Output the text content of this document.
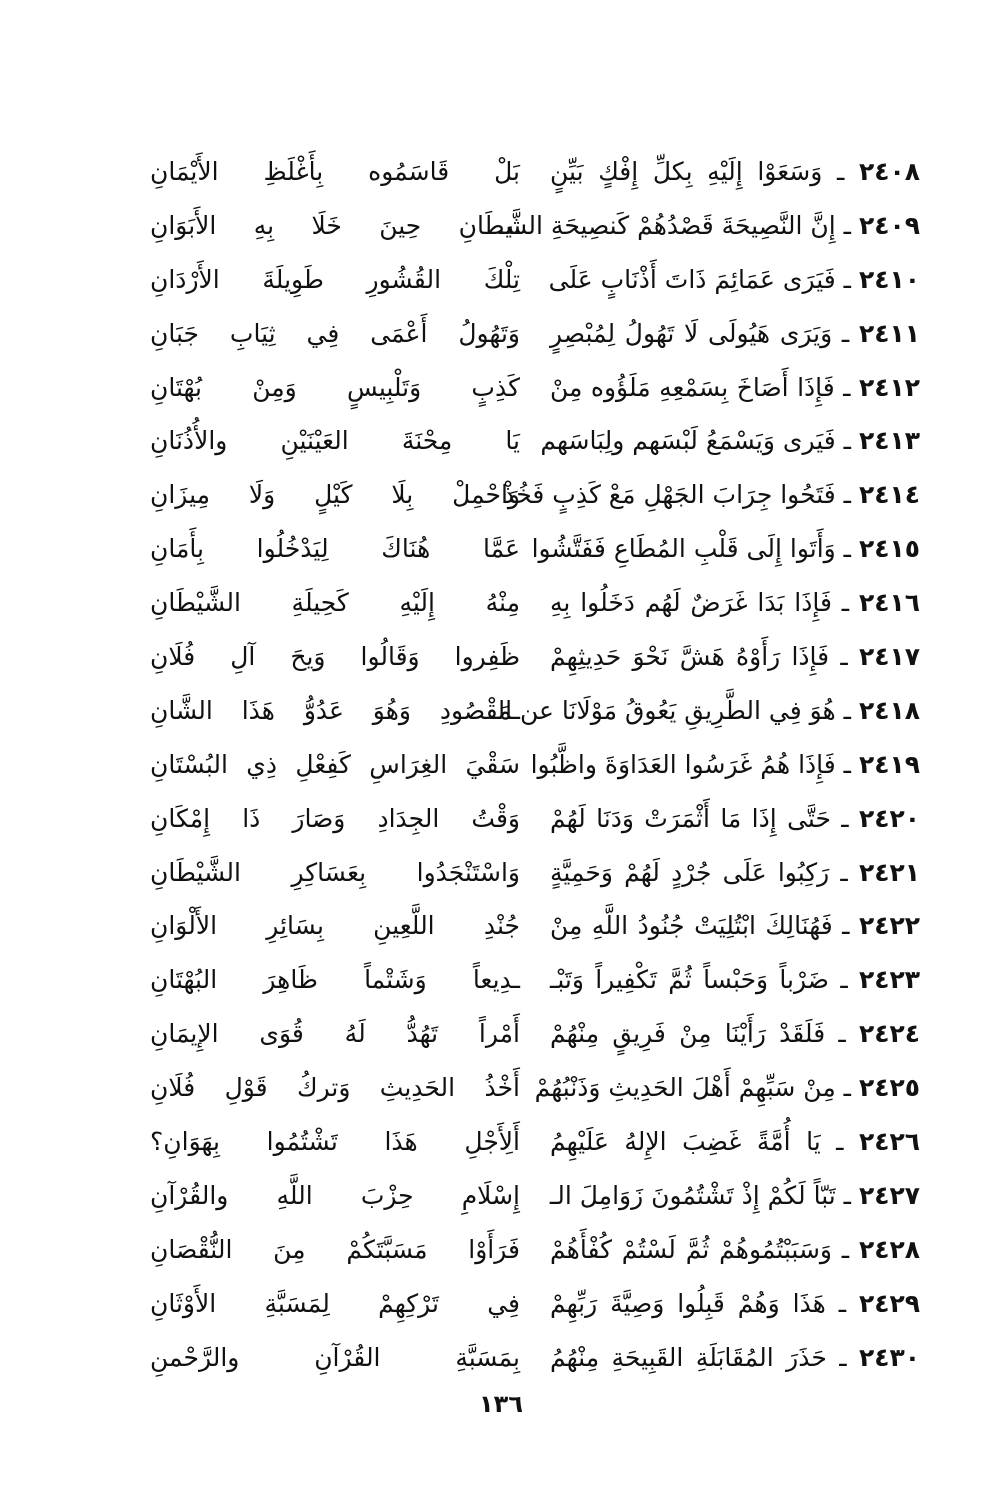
٢٤٠٨ ـ وَسَعَوْا إِلَيْهِ بِكلِّ إِفْكٍ بَيِّنٍ
بَلْ قَاسَمُوه بِأَغْلَظِ الأَيْمَانِ
٢٤٠٩ ـ إِنَّ النَّصِيحَةَ قَصْدُهُمْ كَنصِيحَةِ الشَّـ
ـيطَانِ حِينَ خَلَا بِهِ الأَبَوَانِ
٢٤١٠ ـ فَيَرَى عَمَائِمَ ذَاتَ أَذْنَابٍ عَلَى
تِلْكَ القُشُورِ طَوِيلَةَ الأَرْدَانِ
٢٤١١ ـ وَيَرَى هَيُولَى لَا تَهُولُ لِمُبْصِرٍ
وَتَهُولُ أَعْمَى فِي ثِيَابِ جَبَانِ
٢٤١٢ ـ فَإِذَا أَصَاخَ بِسَمْعِهِ مَلَؤُوه مِنْ
كَذِبٍ وَتَلْبِيسٍ وَمِنْ بُهْتَانِ
٢٤١٣ ـ فَيَرى وَيَسْمَعُ لَبْسَهم ولِبَاسَهم
يَا مِحْنَةَ العَيْنَيْنِ والأُذُنَانِ
٢٤١٤ ـ فَتَحُوا جِرَابَ الجَهْلِ مَعْ كَذِبٍ فَخُذْ
وَاحْمِلْ بِلَا كَيْلٍ وَلَا مِيزَانِ
٢٤١٥ ـ وَأَتَوا إِلَى قَلْبِ المُطَاعِ فَفَتَّشُوا
عَمَّا هُنَاكَ لِيَدْخُلُوا بِأَمَانِ
٢٤١٦ ـ فَإِذَا بَدَا غَرَضٌ لَهُم دَخَلُوا بِهِ
مِنْهُ إِلَيْهِ كَحِيلَةِ الشَّيْطَانِ
٢٤١٧ ـ فَإِذَا رَأَوْهُ هَشَّ نَحْوَ حَدِيثِهِمْ
ظَفِروا وَقَالُوا وَيحَ آلِ فُلَانِ
٢٤١٨ ـ هُوَ فِي الطَّرِيقِ يَعُوقُ مَوْلَانَا عن الـ
ـمَقْصُودِ وَهُوَ عَدُوُّ هَذَا الشَّانِ
٢٤١٩ ـ فَإِذَا هُمُ غَرَسُوا العَدَاوَةَ واظَّبُوا
سَقْيَ الغِرَاسِ كَفِعْلِ ذِي البُسْتَانِ
٢٤٢٠ ـ حَتَّى إِذَا مَا أَثْمَرَتْ وَدَنَا لَهُمْ
وَقْتُ الجِدَادِ وَصَارَ ذَا إِمْكَانِ
٢٤٢١ ـ رَكِبُوا عَلَى جُرْدٍ لَهُمْ وَحَمِيَّةٍ
وَاسْتَنْجَدُوا بِعَسَاكِرِ الشَّيْطَانِ
٢٤٢٢ ـ فَهُنَالِكَ ابْتُلِيَتْ جُنُودُ اللَّهِ مِنْ
جُنْدِ اللَّعِينِ بِسَائِرِ الأَلْوَانِ
٢٤٢٣ ـ ضَرْباً وَحَبْساً ثُمَّ تَكْفِيراً وَتَبْـ
ـدِيعاً وَشَتْماً ظَاهِرَ البُهْتَانِ
٢٤٢٤ ـ فَلَقَدْ رَأَيْنَا مِنْ فَرِيقٍ مِنْهُمْ
أَمْراً تَهُدُّ لَهُ قُوَى الإِيمَانِ
٢٤٢٥ ـ مِنْ سَبِّهِمْ أَهْلَ الحَدِيثِ وَذَنْبُهُمْ
أَخْذُ الحَدِيثِ وَتركُ قَوْلِ فُلَانِ
٢٤٢٦ ـ يَا أُمَّةً غَضِبَ الإِلهُ عَلَيْهِمُ
أَلِأَجْلِ هَذَا تَشْتُمُوا بِهَوَانِ؟
٢٤٢٧ ـ تَبّاً لَكُمْ إِذْ تَشْتُمُونَ زَوَامِلَ الـ
إِسْلَامِ حِزْبَ اللَّهِ والقُرْآنِ
٢٤٢٨ ـ وَسَبَبْتُمُوهُمْ ثُمَّ لَسْتُمْ كُفْأَهُمْ
فَرَأَوْا مَسَبَّتَكُمْ مِنَ النُّقْصَانِ
٢٤٢٩ ـ هَذَا وَهُمْ قَبِلُوا وَصِيَّةَ رَبِّهِمْ
فِي تَرْكِهِمْ لِمَسَبَّةِ الأَوْثَانِ
٢٤٣٠ ـ حَذَرَ المُقَابَلَةِ القَبِيحَةِ مِنْهُمُ
بِمَسَبَّةِ القُرْآنِ والرَّحْمنِ
١٣٦
